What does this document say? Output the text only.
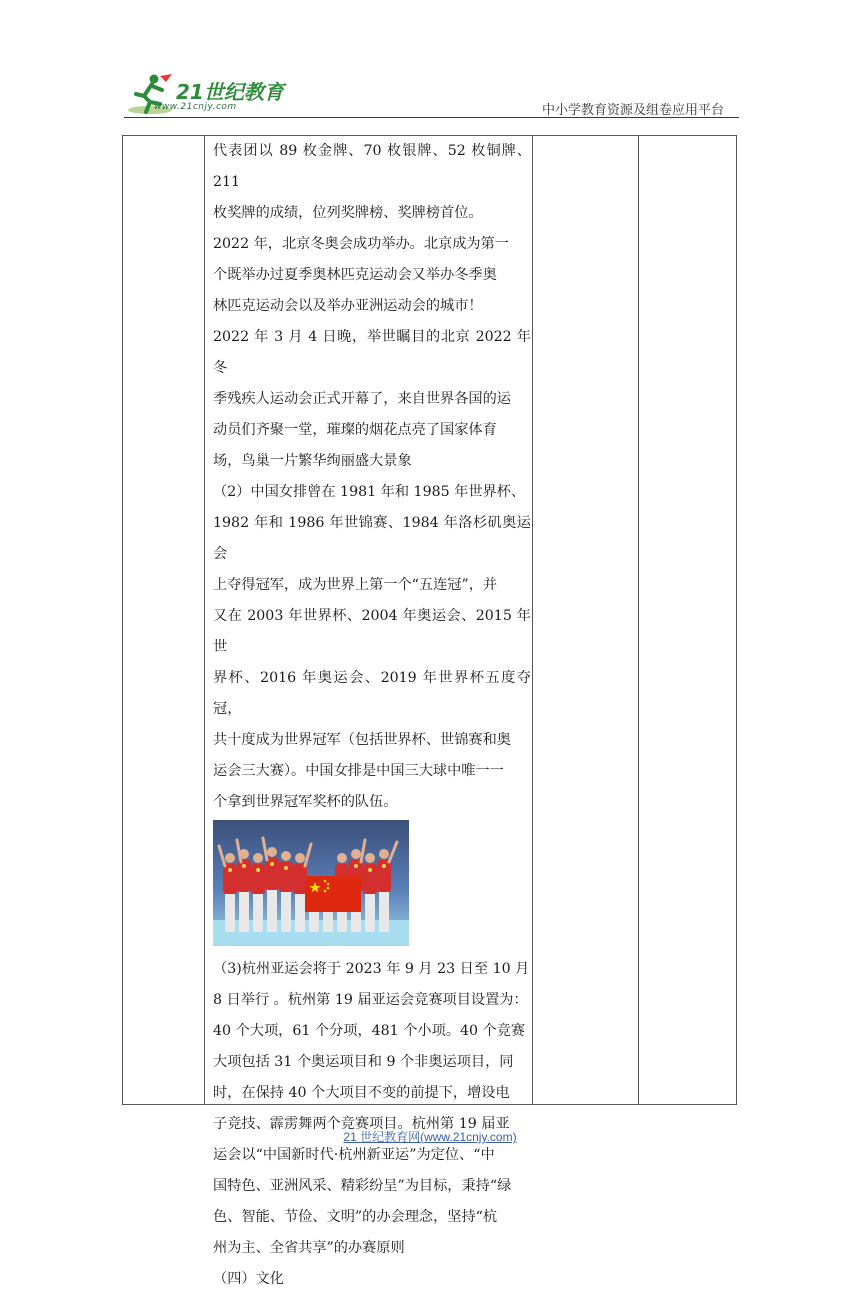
21世纪教育
www.21cnjy.com	中小学教育资源及组卷应用平台

代表团以 89 枚金牌、70 枚银牌、52 枚铜牌、211

枚奖牌的成绩，位列奖牌榜、奖牌榜首位。

2022 年，北京冬奥会成功举办。北京成为第一

个既举办过夏季奥林匹克运动会又举办冬季奥

林匹克运动会以及举办亚洲运动会的城市！

2022 年 3 月 4 日晚，举世瞩目的北京 2022 年冬

季残疾人运动会正式开幕了，来自世界各国的运

动员们齐聚一堂，璀璨的烟花点亮了国家体育

场，鸟巢一片繁华绚丽盛大景象

（2）中国女排曾在 1981 年和 1985 年世界杯、

1982 年和 1986 年世锦赛、1984 年洛杉矶奥运会

上夺得冠军，成为世界上第一个“五连冠”，并

又在 2003 年世界杯、2004 年奥运会、2015 年世

界杯、2016 年奥运会、2019 年世界杯五度夺冠，

共十度成为世界冠军（包括世界杯、世锦赛和奥

运会三大赛）。中国女排是中国三大球中唯一一

个拿到世界冠军奖杯的队伍。

（3)杭州亚运会将于 2023 年 9 月 23 日至 10 月

8 日举行 。杭州第 19 届亚运会竞赛项目设置为：

40 个大项，61 个分项，481 个小项。40 个竞赛

大项包括 31 个奥运项目和 9 个非奥运项目，同

时，在保持 40 个大项目不变的前提下，增设电

子竞技、霹雳舞两个竞赛项目。杭州第 19 届亚

运会以“中国新时代·杭州新亚运”为定位、“中

国特色、亚洲风采、精彩纷呈”为目标，秉持“绿

色、智能、节俭、文明”的办会理念，坚持“杭

州为主、全省共享”的办赛原则

（四）文化

21 世纪教育网(www.21cnjy.com)
